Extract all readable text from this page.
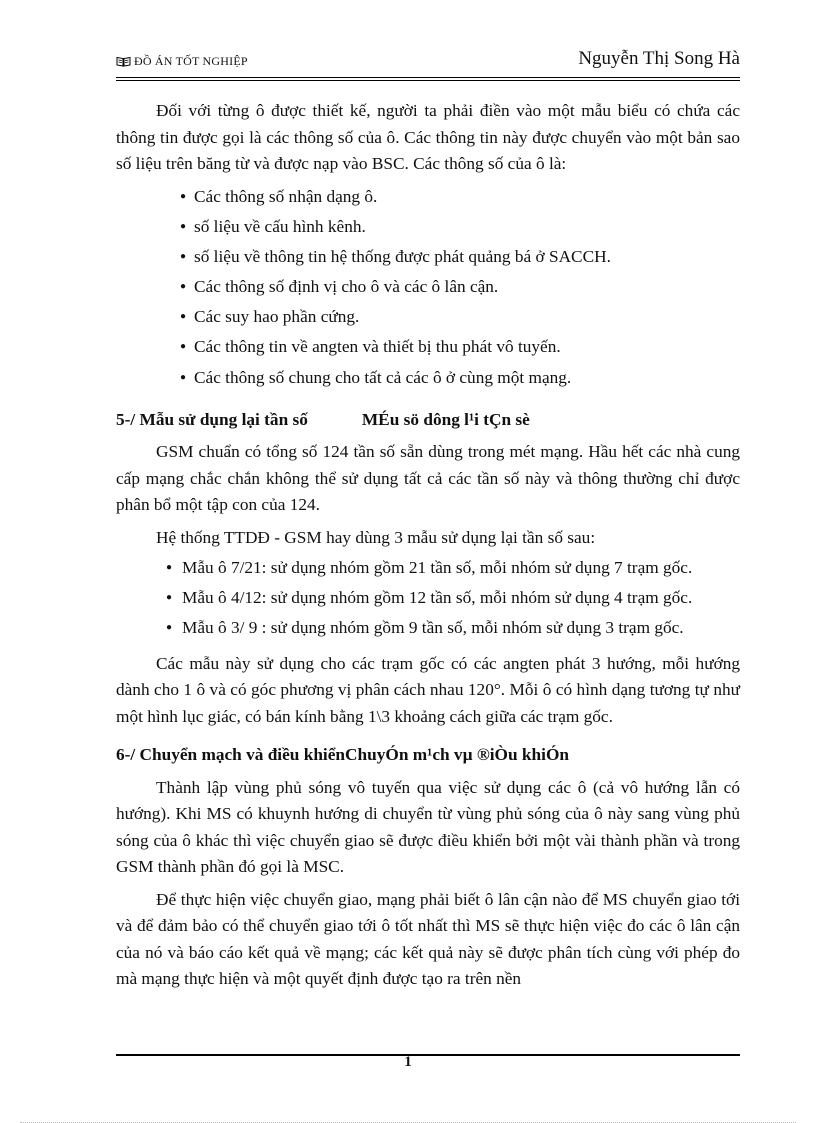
ĐỒ ÁN TỐT NGHIỆP	Nguyễn Thị Song Hà

Đối với từng ô được thiết kế, người ta phải điền vào một mẫu biểu có chứa các thông tin được gọi là các thông số của ô. Các thông tin này được chuyển vào một bản sao số liệu trên băng từ và được nạp vào BSC. Các thông số của ô là:

● Các thông số nhận dạng ô.
● số liệu về cấu hình kênh.
● số liệu về thông tin hệ thống được phát quảng bá ở SACCH.
● Các thông số định vị cho ô và các ô lân cận.
● Các suy hao phần cứng.
● Các thông tin về angten và thiết bị thu phát vô tuyến.
● Các thông số chung cho tất cả các ô ở cùng một mạng.

5-/ Mẫu sử dụng lại tần số	MÉu sö dông l¹i tÇn sè

GSM chuẩn có tổng số 124 tần số sẵn dùng trong mét mạng. Hầu hết các nhà cung cấp mạng chắc chắn không thể sử dụng tất cả các tần số này và thông thường chỉ được phân bổ một tập con của 124.

Hệ thống TTDĐ - GSM hay dùng 3 mẫu sử dụng lại tần số sau:

● Mẫu ô 7/21: sử dụng nhóm gồm 21 tần số, mỗi nhóm sử dụng 7 trạm gốc.
● Mẫu ô 4/12: sử dụng nhóm gồm 12 tần số, mỗi nhóm sử dụng 4 trạm gốc.
● Mẫu ô 3/ 9 : sử dụng nhóm gồm 9 tần số, mỗi nhóm sử dụng 3 trạm gốc.

Các mẫu này sử dụng cho các trạm gốc có các angten phát 3 hướng, mỗi hướng dành cho 1 ô và có góc phương vị phân cách nhau 120°. Mỗi ô có hình dạng tương tự như một hình lục giác, có bán kính bằng 1\3 khoảng cách giữa các trạm gốc.

6-/ Chuyển mạch và điều khiểnChuyÓn m¹ch vµ ®iÒu khiÓn

Thành lập vùng phủ sóng vô tuyến qua việc sử dụng các ô (cả vô hướng lẫn có hướng). Khi MS có khuynh hướng di chuyển từ vùng phủ sóng của ô này sang vùng phủ sóng của ô khác thì việc chuyển giao sẽ được điều khiển bởi một vài thành phần và trong GSM thành phần đó gọi là MSC.

Để thực hiện việc chuyển giao, mạng phải biết ô lân cận nào để MS chuyển giao tới và để đảm bảo có thể chuyển giao tới ô tốt nhất thì MS sẽ thực hiện việc đo các ô lân cận của nó và báo cáo kết quả về mạng; các kết quả này sẽ được phân tích cùng với phép đo mà mạng thực hiện và một quyết định được tạo ra trên nền

1
